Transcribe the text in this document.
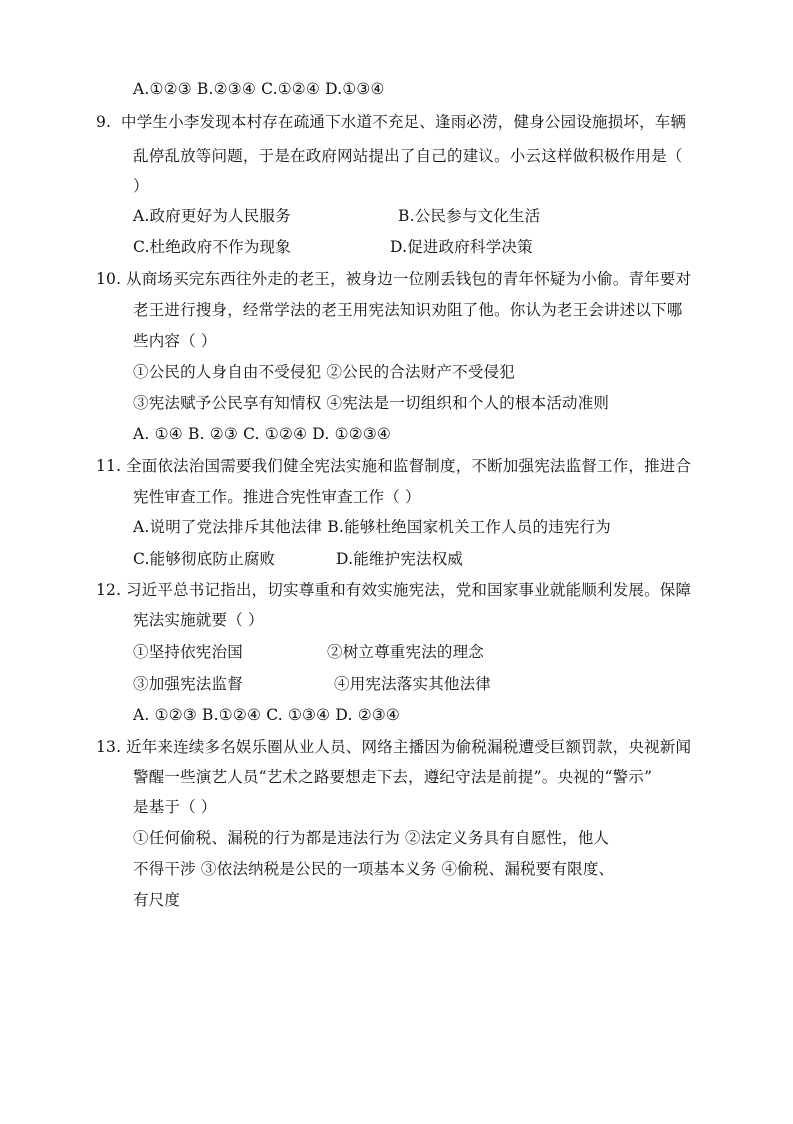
A.①②③ B.②③④ C.①②④ D.①③④
9. 中学生小李发现本村存在疏通下水道不充足、逢雨必涝，健身公园设施损坏，车辆
乱停乱放等问题，于是在政府网站提出了自己的建议。小云这样做积极作用是（
）
A.政府更好为人民服务	B.公民参与文化生活
C.杜绝政府不作为现象	D.促进政府科学决策
10. 从商场买完东西往外走的老王，被身边一位刚丢钱包的青年怀疑为小偷。青年要对
老王进行搜身，经常学法的老王用宪法知识劝阻了他。你认为老王会讲述以下哪
些内容（ ）
①公民的人身自由不受侵犯 ②公民的合法财产不受侵犯
③宪法赋予公民享有知情权 ④宪法是一切组织和个人的根本活动准则
A. ①④ B. ②③ C. ①②④ D. ①②③④
11. 全面依法治国需要我们健全宪法实施和监督制度，不断加强宪法监督工作，推进合
宪性审查工作。推进合宪性审查工作（ ）
A.说明了党法排斥其他法律 B.能够杜绝国家机关工作人员的违宪行为
C.能够彻底防止腐败	D.能维护宪法权威
12. 习近平总书记指出，切实尊重和有效实施宪法，党和国家事业就能顺利发展。保障
宪法实施就要（ ）
①坚持依宪治国	②树立尊重宪法的理念
③加强宪法监督	④用宪法落实其他法律
A. ①②③ B.①②④ C. ①③④ D. ②③④
13. 近年来连续多名娱乐圈从业人员、网络主播因为偷税漏税遭受巨额罚款，央视新闻
警醒一些演艺人员“艺术之路要想走下去，遵纪守法是前提”。央视的“警示”
是基于（ ）
①任何偷税、漏税的行为都是违法行为 ②法定义务具有自愿性，他人
不得干涉 ③依法纳税是公民的一项基本义务 ④偷税、漏税要有限度、
有尺度
